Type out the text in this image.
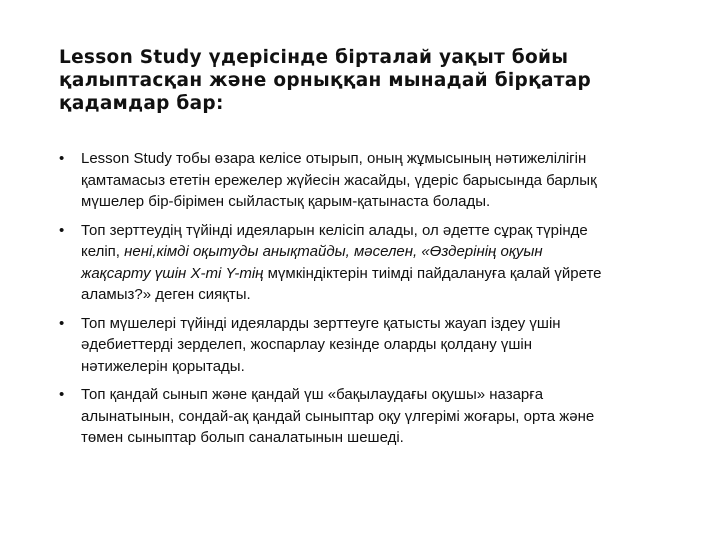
Lesson Study үдерісінде бірталай уақыт бойы
қалыптасқан және орныққан мынадай бірқатар
қадамдар бар:
• Lesson Study тобы өзара келісе отырып, оның жұмысының нәтижелілігін
қамтамасыз ететін ережелер жүйесін жасайды, үдеріс барысында барлық
мүшелер бір-бірімен сыйластық қарым-қатынаста болады.
• Топ зерттеудің түйінді идеяларын келісіп алады, ол әдетте сұрақ түрінде
келіп, нені,кімді оқытуды анықтайды, мәселен, «Өздерінің оқуын
жақсарту үшін X-ті Y-тің мүмкіндіктерін тиімді пайдалануға қалай үйрете
аламыз?» деген сияқты.
• Топ мүшелері түйінді идеяларды зерттеуге қатысты жауап іздеу үшін
әдебиеттерді зерделеп, жоспарлау кезінде оларды қолдану үшін
нәтижелерін қорытады.
• Топ қандай сынып және қандай үш «бақылаудағы оқушы» назарға
алынатынын, сондай-ақ қандай сыныптар оқу үлгерімі жоғары, орта және
төмен сыныптар болып саналатынын шешеді.
